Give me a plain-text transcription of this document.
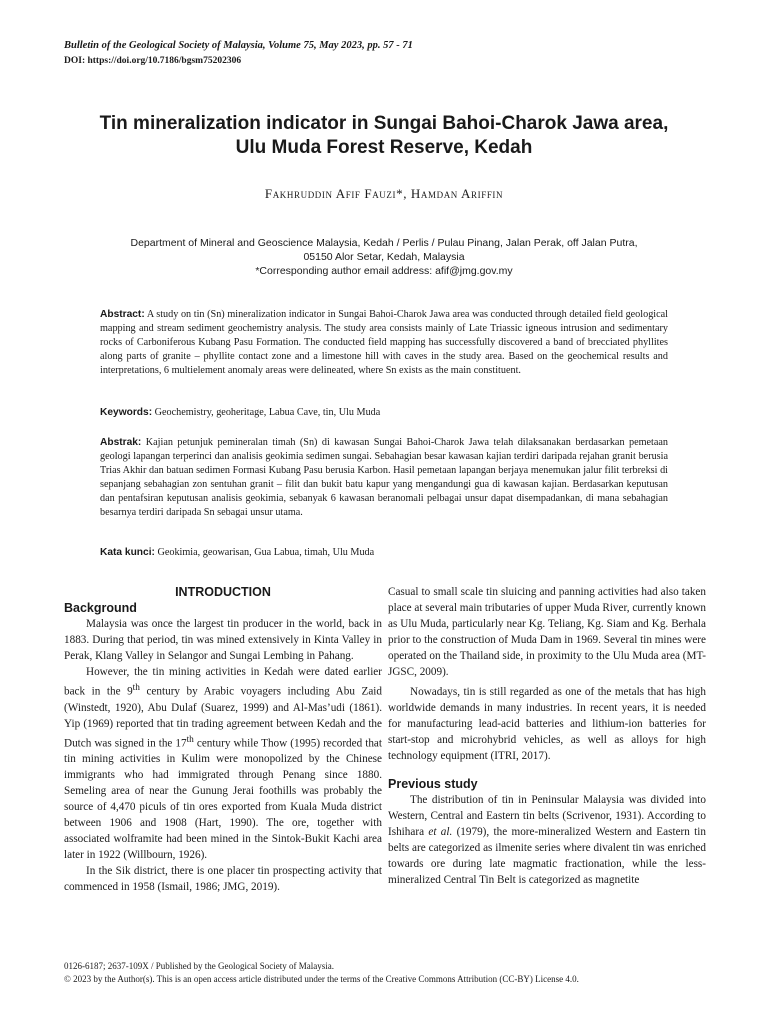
Bulletin of the Geological Society of Malaysia, Volume 75, May 2023, pp. 57 - 71
DOI: https://doi.org/10.7186/bgsm75202306
Tin mineralization indicator in Sungai Bahoi-Charok Jawa area,
Ulu Muda Forest Reserve, Kedah
Fakhruddin Afif Fauzi*, Hamdan Ariffin
Department of Mineral and Geoscience Malaysia, Kedah / Perlis / Pulau Pinang, Jalan Perak, off Jalan Putra,
05150 Alor Setar, Kedah, Malaysia
*Corresponding author email address: afif@jmg.gov.my
Abstract: A study on tin (Sn) mineralization indicator in Sungai Bahoi-Charok Jawa area was conducted through detailed field geological mapping and stream sediment geochemistry analysis. The study area consists mainly of Late Triassic igneous intrusion and sedimentary rocks of Carboniferous Kubang Pasu Formation. The conducted field mapping has successfully discovered a band of brecciated phyllites along parts of granite – phyllite contact zone and a limestone hill with caves in the study area. Based on the geochemical results and interpretations, 6 multielement anomaly areas were delineated, where Sn exists as the main constituent.
Keywords: Geochemistry, geoheritage, Labua Cave, tin, Ulu Muda
Abstrak: Kajian petunjuk pemineralan timah (Sn) di kawasan Sungai Bahoi-Charok Jawa telah dilaksanakan berdasarkan pemetaan geologi lapangan terperinci dan analisis geokimia sedimen sungai. Sebahagian besar kawasan kajian terdiri daripada rejahan granit berusia Trias Akhir dan batuan sedimen Formasi Kubang Pasu berusia Karbon. Hasil pemetaan lapangan berjaya menemukan jalur filit terbreksi di sepanjang sebahagian zon sentuhan granit – filit dan bukit batu kapur yang mengandungi gua di kawasan kajian. Berdasarkan keputusan dan pentafsiran keputusan analisis geokimia, sebanyak 6 kawasan beranomali pelbagai unsur dapat disempadankan, di mana sebahagian besarnya terdiri daripada Sn sebagai unsur utama.
Kata kunci: Geokimia, geowarisan, Gua Labua, timah, Ulu Muda
INTRODUCTION
Background

Malaysia was once the largest tin producer in the world, back in 1883. During that period, tin was mined extensively in Kinta Valley in Perak, Klang Valley in Selangor and Sungai Lembing in Pahang.

However, the tin mining activities in Kedah were dated earlier back in the 9th century by Arabic voyagers including Abu Zaid (Winstedt, 1920), Abu Dulaf (Suarez, 1999) and Al-Mas’udi (1861). Yip (1969) reported that tin trading agreement between Kedah and the Dutch was signed in the 17th century while Thow (1995) recorded that tin mining activities in Kulim were monopolized by the Chinese immigrants who had immigrated through Penang since 1880. Semeling area of near the Gunung Jerai foothills was probably the source of 4,470 piculs of tin ores exported from Kuala Muda district between 1906 and 1908 (Hart, 1990). The ore, together with associated wolframite had been mined in the Sintok-Bukit Kachi area later in 1922 (Willbourn, 1926).

In the Sik district, there is one placer tin prospecting activity that commenced in 1958 (Ismail, 1986; JMG, 2019).

Casual to small scale tin sluicing and panning activities had also taken place at several main tributaries of upper Muda River, currently known as Ulu Muda, particularly near Kg. Teliang, Kg. Siam and Kg. Berhala prior to the construction of Muda Dam in 1969. Several tin mines were operated on the Thailand side, in proximity to the Ulu Muda area (MT-JGSC, 2009).

Nowadays, tin is still regarded as one of the metals that has high worldwide demands in many industries. In recent years, it is needed for manufacturing lead-acid batteries and lithium-ion batteries for start-stop and microhybrid vehicles, as well as alloys for high technology equipment (ITRI, 2017).

Previous study

The distribution of tin in Peninsular Malaysia was divided into Western, Central and Eastern tin belts (Scrivenor, 1931). According to Ishihara et al. (1979), the more-mineralized Western and Eastern tin belts are categorized as ilmenite series where divalent tin was enriched towards ore during late magmatic fractionation, while the less-mineralized Central Tin Belt is categorized as magnetite

0126-6187; 2637-109X / Published by the Geological Society of Malaysia.
© 2023 by the Author(s). This is an open access article distributed under the terms of the Creative Commons Attribution (CC-BY) License 4.0.
